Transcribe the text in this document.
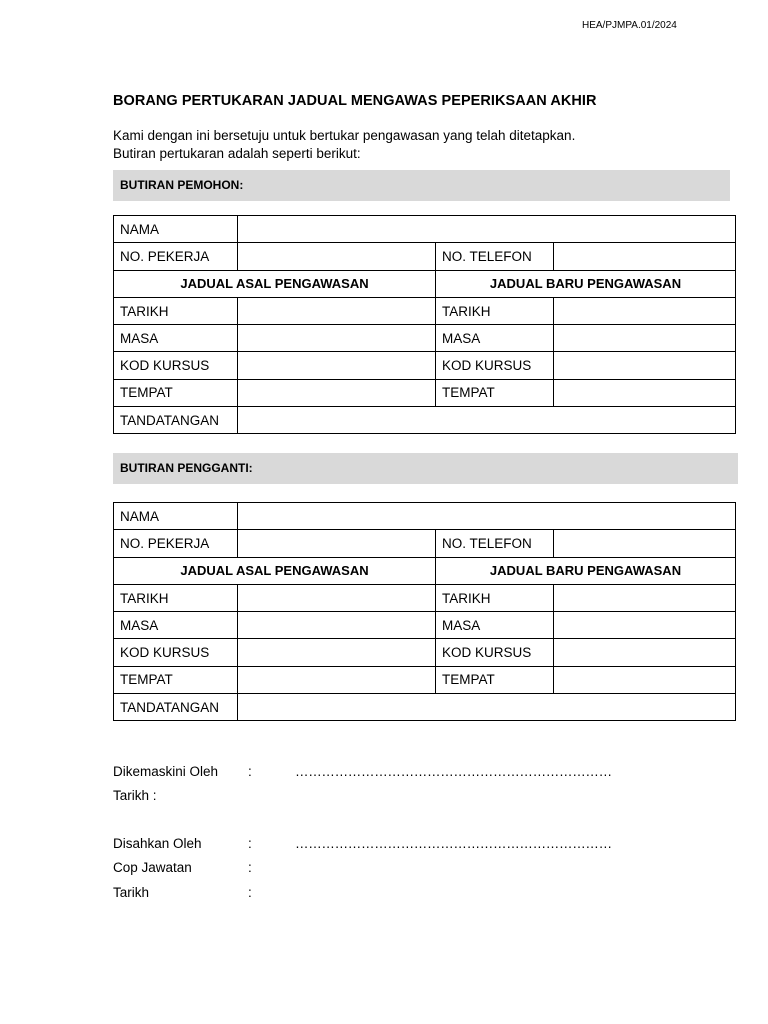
HEA/PJMPA.01/2024
BORANG PERTUKARAN JADUAL MENGAWAS PEPERIKSAAN AKHIR
Kami dengan ini bersetuju untuk bertukar pengawasan yang telah ditetapkan.
Butiran pertukaran adalah seperti berikut:
BUTIRAN PEMOHON:
NAMA			
NO. PEKERJA		NO. TELEFON	
JADUAL ASAL PENGAWASAN		JADUAL BARU PENGAWASAN	
TARIKH		TARIKH	
MASA		MASA	
KOD KURSUS		KOD KURSUS	
TEMPAT		TEMPAT	
TANDATANGAN			
BUTIRAN PENGGANTI:
NAMA			
NO. PEKERJA		NO. TELEFON	
JADUAL ASAL PENGAWASAN		JADUAL BARU PENGAWASAN	
TARIKH		TARIKH	
MASA		MASA	
KOD KURSUS		KOD KURSUS	
TEMPAT		TEMPAT	
TANDATANGAN			
Dikemaskini Oleh :	………………………………………………………………
Tarikh :
Disahkan Oleh	:	………………………………………………………………
Cop Jawatan	:
Tarikh	:
